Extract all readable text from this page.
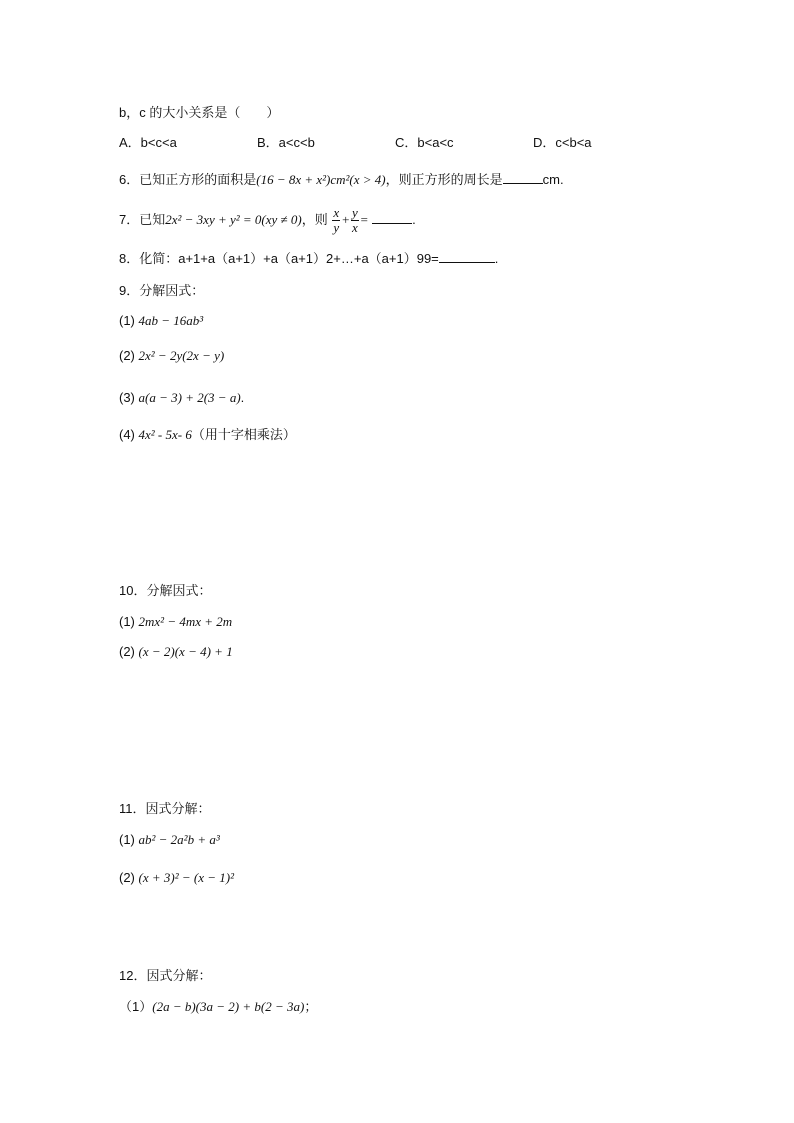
b，c 的大小关系是（　　）
A．b<c<a	B．a<c<b	C．b<a<c	D．c<b<a
6．已知正方形的面积是(16 − 8x + x²)cm²(x > 4)，则正方形的周长是	cm.
7．已知2x² − 3xy + y² = 0(xy ≠ 0)，则 $\frac{x}{y} + \frac{y}{x}$ =	.
8．化简：a+1+a（a+1）+a（a+1）2+…+a（a+1）99=	.
9．分解因式：
(1) 4ab − 16ab³
(2) 2x² − 2y(2x − y)
(3) a(a − 3) + 2(3 − a).
(4) 4x² - 5x- 6（用十字相乘法）
10．分解因式：
(1) 2mx² − 4mx + 2m
(2) (x − 2)(x − 4) + 1
11．因式分解：
(1) ab² − 2a²b + a³
(2) (x + 3)² − (x − 1)²
12．因式分解：
（1）(2a − b)(3a − 2) + b(2 − 3a)；
